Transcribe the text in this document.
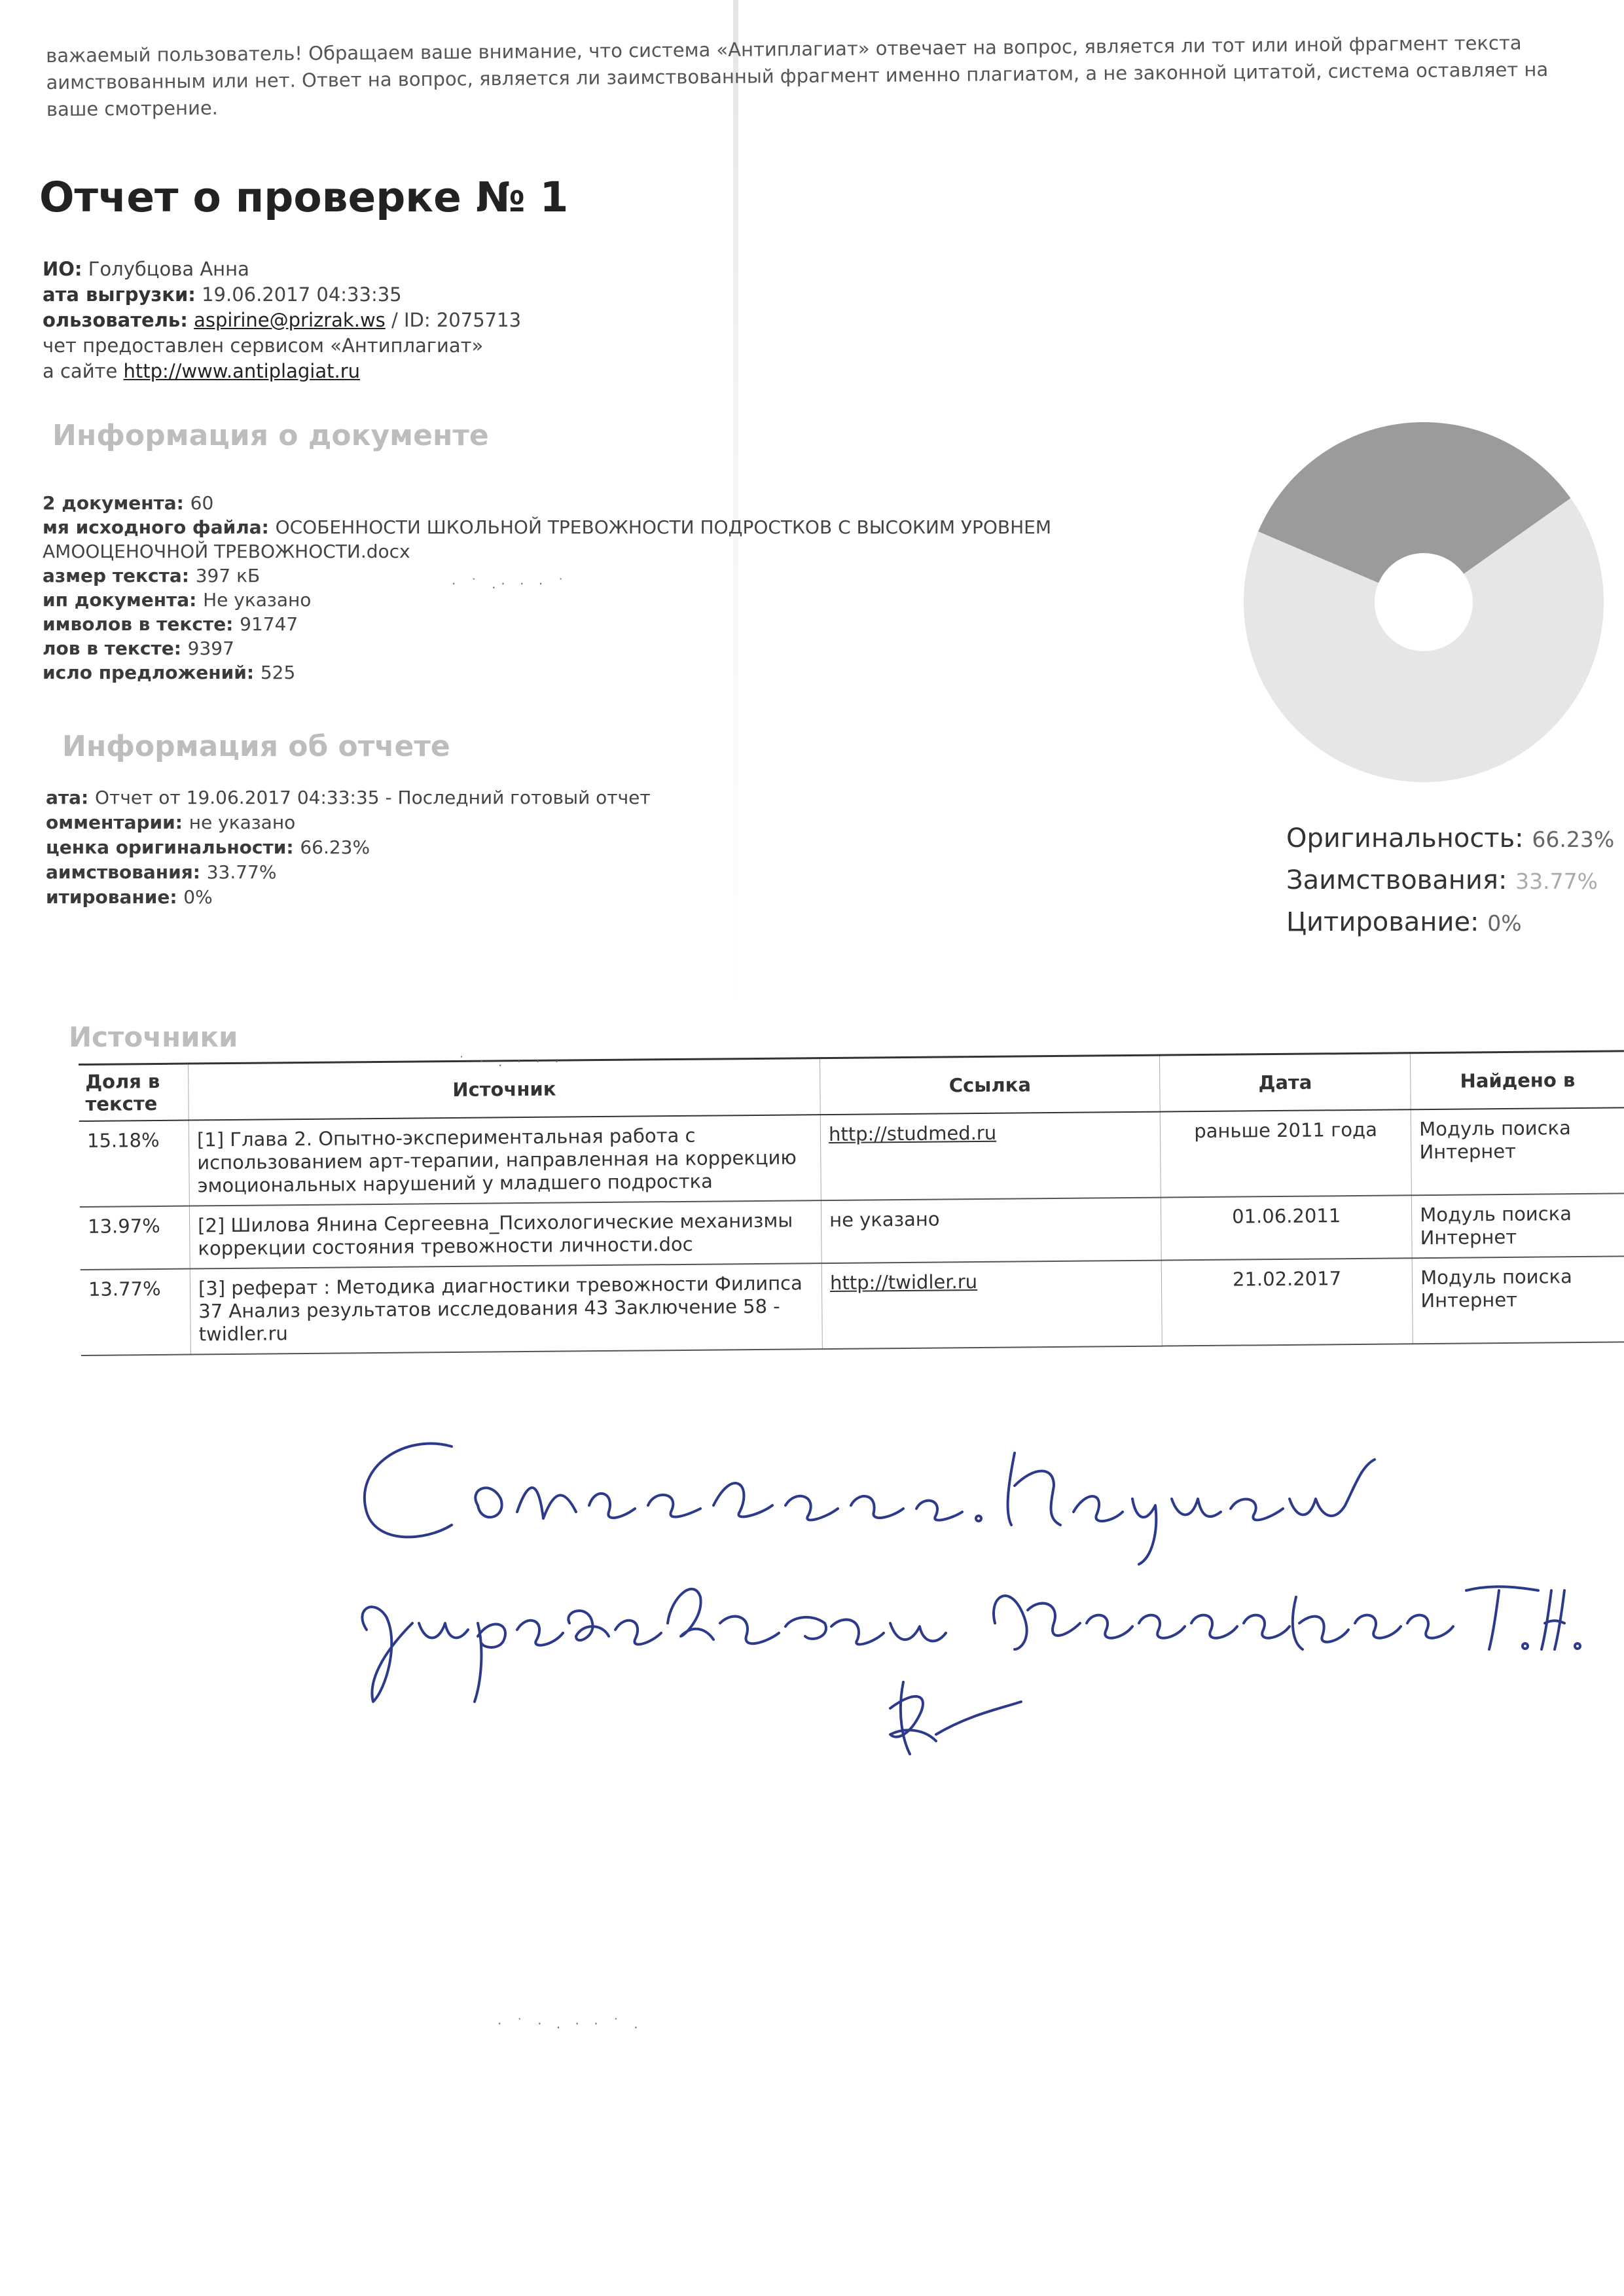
важаемый пользователь! Обращаем ваше внимание, что система «Антиплагиат» отвечает на вопрос, является ли тот или иной фрагмент текста аимствованным или нет. Ответ на вопрос, является ли заимствованный фрагмент именно плагиатом, а не законной цитатой, система оставляет на ваше смотрение.
Отчет о проверке № 1
ИО: Голубцова Анна
ата выгрузки: 19.06.2017 04:33:35
ользователь: aspirine@prizrak.ws / ID: 2075713
чет предоставлен сервисом «Антиплагиат»
а сайте http://www.antiplagiat.ru
Информация о документе
2 документа: 60
мя исходного файла: ОСОБЕННОСТИ ШКОЛЬНОЙ ТРЕВОЖНОСТИ ПОДРОСТКОВ С ВЫСОКИМ УРОВНЕМ
АМООЦЕНОЧНОЙ ТРЕВОЖНОСТИ.docx
азмер текста: 397 кБ
ип документа: Не указано
имволов в тексте: 91747
лов в тексте: 9397
исло предложений: 525
Информация об отчете
ата: Отчет от 19.06.2017 04:33:35 - Последний готовый отчет
омментарии: не указано
ценка оригинальности: 66.23%
аимствования: 33.77%
итирование: 0%
Оригинальность: 66.23%
Заимствования: 33.77%
Цитирование: 0%
Источники
Доля в тексте	Источник	Ссылка	Дата	Найдено в
15.18%	[1] Глава 2. Опытно-экспериментальная работа с использованием арт-терапии, направленная на коррекцию эмоциональных нарушений у младшего подростка	http://studmed.ru	раньше 2011 года	Модуль поиска Интернет
13.97%	[2] Шилова Янина Сергеевна_Психологические механизмы коррекции состояния тревожности личности.doc	не указано	01.06.2011	Модуль поиска Интернет
13.77%	[3] реферат : Методика диагностики тревожности Филипса 37 Анализ результатов исследования 43 Заключение 58 - twidler.ru	http://twidler.ru	21.02.2017	Модуль поиска Интернет
· ˙ .· · · ˙
˙ · . · · ·
· ˙ · . · · ˙ .
